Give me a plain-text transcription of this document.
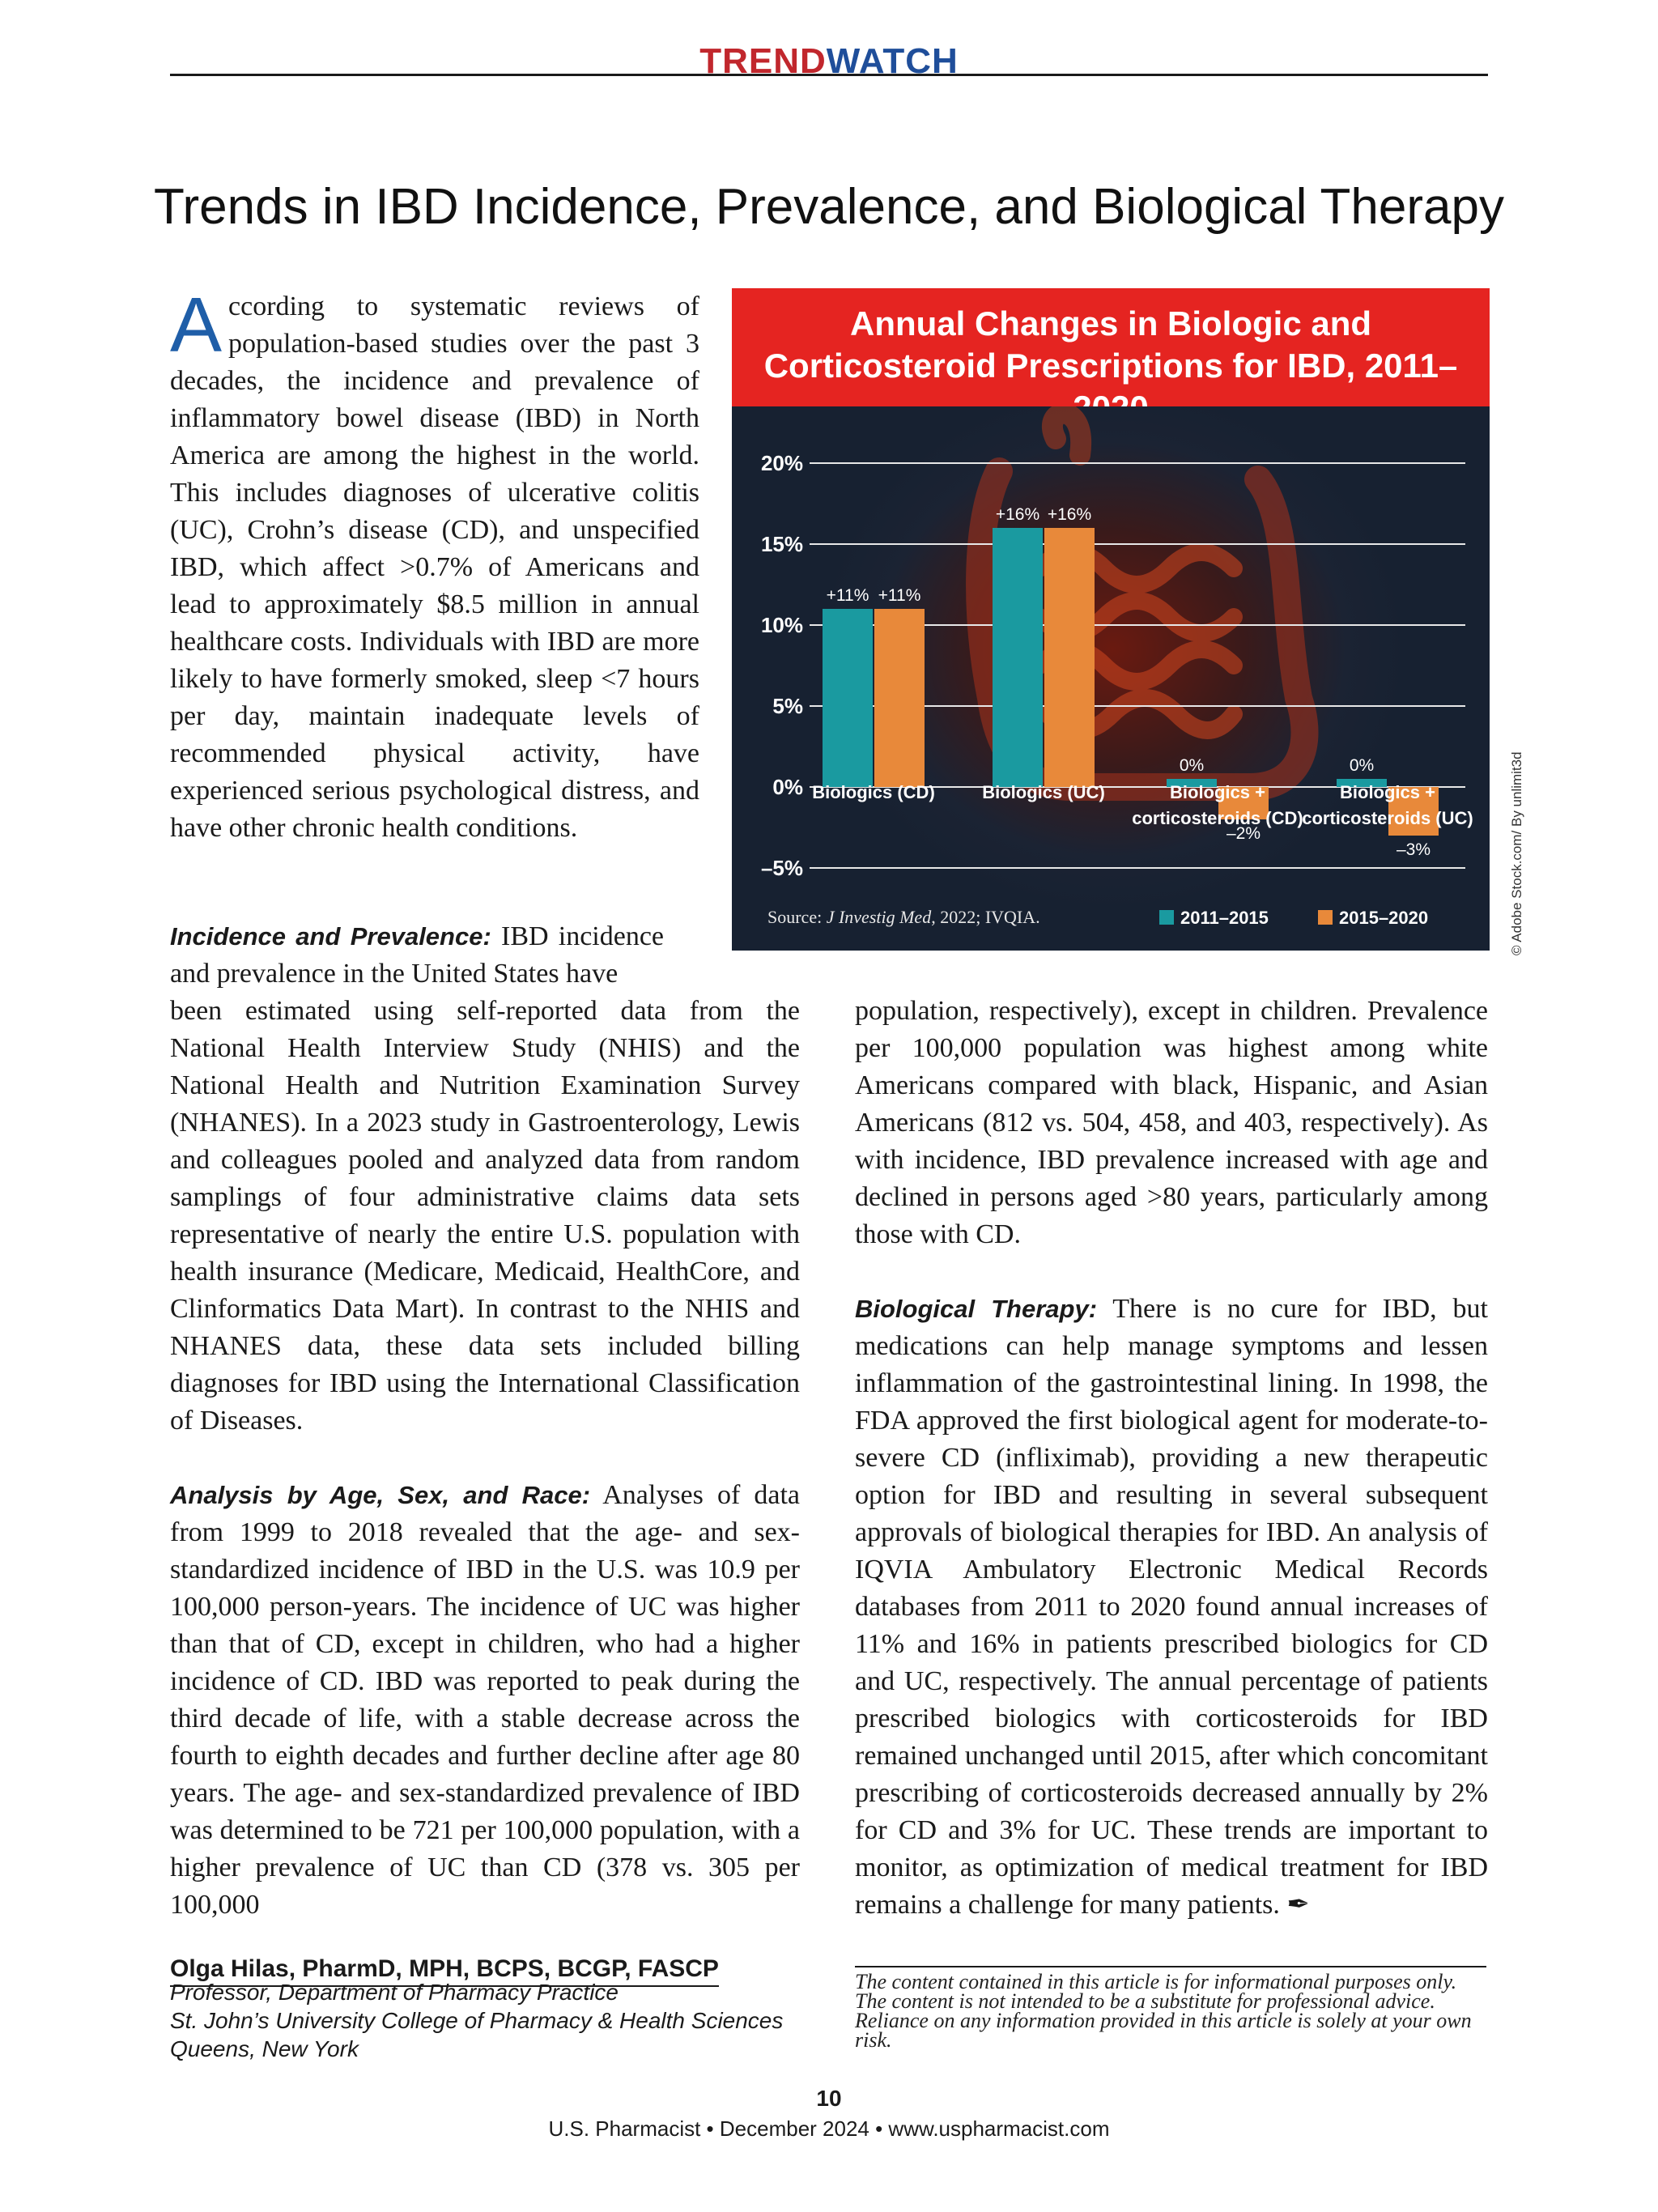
TRENDWATCH
Trends in IBD Incidence, Prevalence, and Biological Therapy

According to systematic reviews of population-based studies over the past 3 decades, the incidence and prevalence of inflammatory bowel disease (IBD) in North America are among the highest in the world. This includes diagnoses of ulcerative colitis (UC), Crohn’s disease (CD), and unspecified IBD, which affect >0.7% of Americans and lead to approximately $8.5 million in annual healthcare costs. Individuals with IBD are more likely to have formerly smoked, sleep <7 hours per day, maintain inadequate levels of recommended physical activity, have experienced serious psychological distress, and have other chronic health conditions.

Incidence and Prevalence: IBD incidence and prevalence in the United States have

been estimated using self-reported data from the National Health Interview Study (NHIS) and the National Health and Nutrition Examination Survey (NHANES). In a 2023 study in Gastroenterology, Lewis and colleagues pooled and analyzed data from random samplings of four administrative claims data sets representative of nearly the entire U.S. population with health insurance (Medicare, Medicaid, HealthCore, and Clinformatics Data Mart). In contrast to the NHIS and NHANES data, these data sets included billing diagnoses for IBD using the International Classification of Diseases.

Analysis by Age, Sex, and Race: Analyses of data from 1999 to 2018 revealed that the age- and sex-standardized incidence of IBD in the U.S. was 10.9 per 100,000 person-years. The incidence of UC was higher than that of CD, except in children, who had a higher incidence of CD. IBD was reported to peak during the third decade of life, with a stable decrease across the fourth to eighth decades and further decline after age 80 years. The age- and sex-standardized prevalence of IBD was determined to be 721 per 100,000 population, with a higher prevalence of UC than CD (378 vs. 305 per 100,000

population, respectively), except in children. Prevalence per 100,000 population was highest among white Americans compared with black, Hispanic, and Asian Americans (812 vs. 504, 458, and 403, respectively). As with incidence, IBD prevalence increased with age and declined in persons aged >80 years, particularly among those with CD.

Biological Therapy: There is no cure for IBD, but medications can help manage symptoms and lessen inflammation of the gastrointestinal lining. In 1998, the FDA approved the first biological agent for moderate-to-severe CD (infliximab), providing a new therapeutic option for IBD and resulting in several subsequent approvals of biological therapies for IBD. An analysis of IQVIA Ambulatory Electronic Medical Records databases from 2011 to 2020 found annual increases of 11% and 16% in patients prescribed biologics for CD and UC, respectively. The annual percentage of patients prescribed biologics with corticosteroids for IBD remained unchanged until 2015, after which concomitant prescribing of corticosteroids decreased annually by 2% for CD and 3% for UC. These trends are important to monitor, as optimization of medical treatment for IBD remains a challenge for many patients. ✒

Olga Hilas, PharmD, MPH, BCPS, BCGP, FASCP
Professor, Department of Pharmacy Practice
St. John’s University College of Pharmacy & Health Sciences
Queens, New York

The content contained in this article is for informational purposes only. The content is not intended to be a substitute for professional advice. Reliance on any information provided in this article is solely at your own risk.

10
U.S. Pharmacist • December 2024 • www.uspharmacist.com
Annual Changes in Biologic and Corticosteroid Prescriptions for IBD, 2011–
20%
15%
10%
5%
0%
–5%
+11% +11%
Biologics (CD)
+16% +16%
Biologics (UC)
0%
–2%
Biologics +
corticosteroids (CD)
0%
–3%
Biologics +
corticosteroids (UC)
2011–2015	2015–2020
Source: J Investig Med, 2022; IVQIA.	© Adobe Stock.com/ By unlimit3d
